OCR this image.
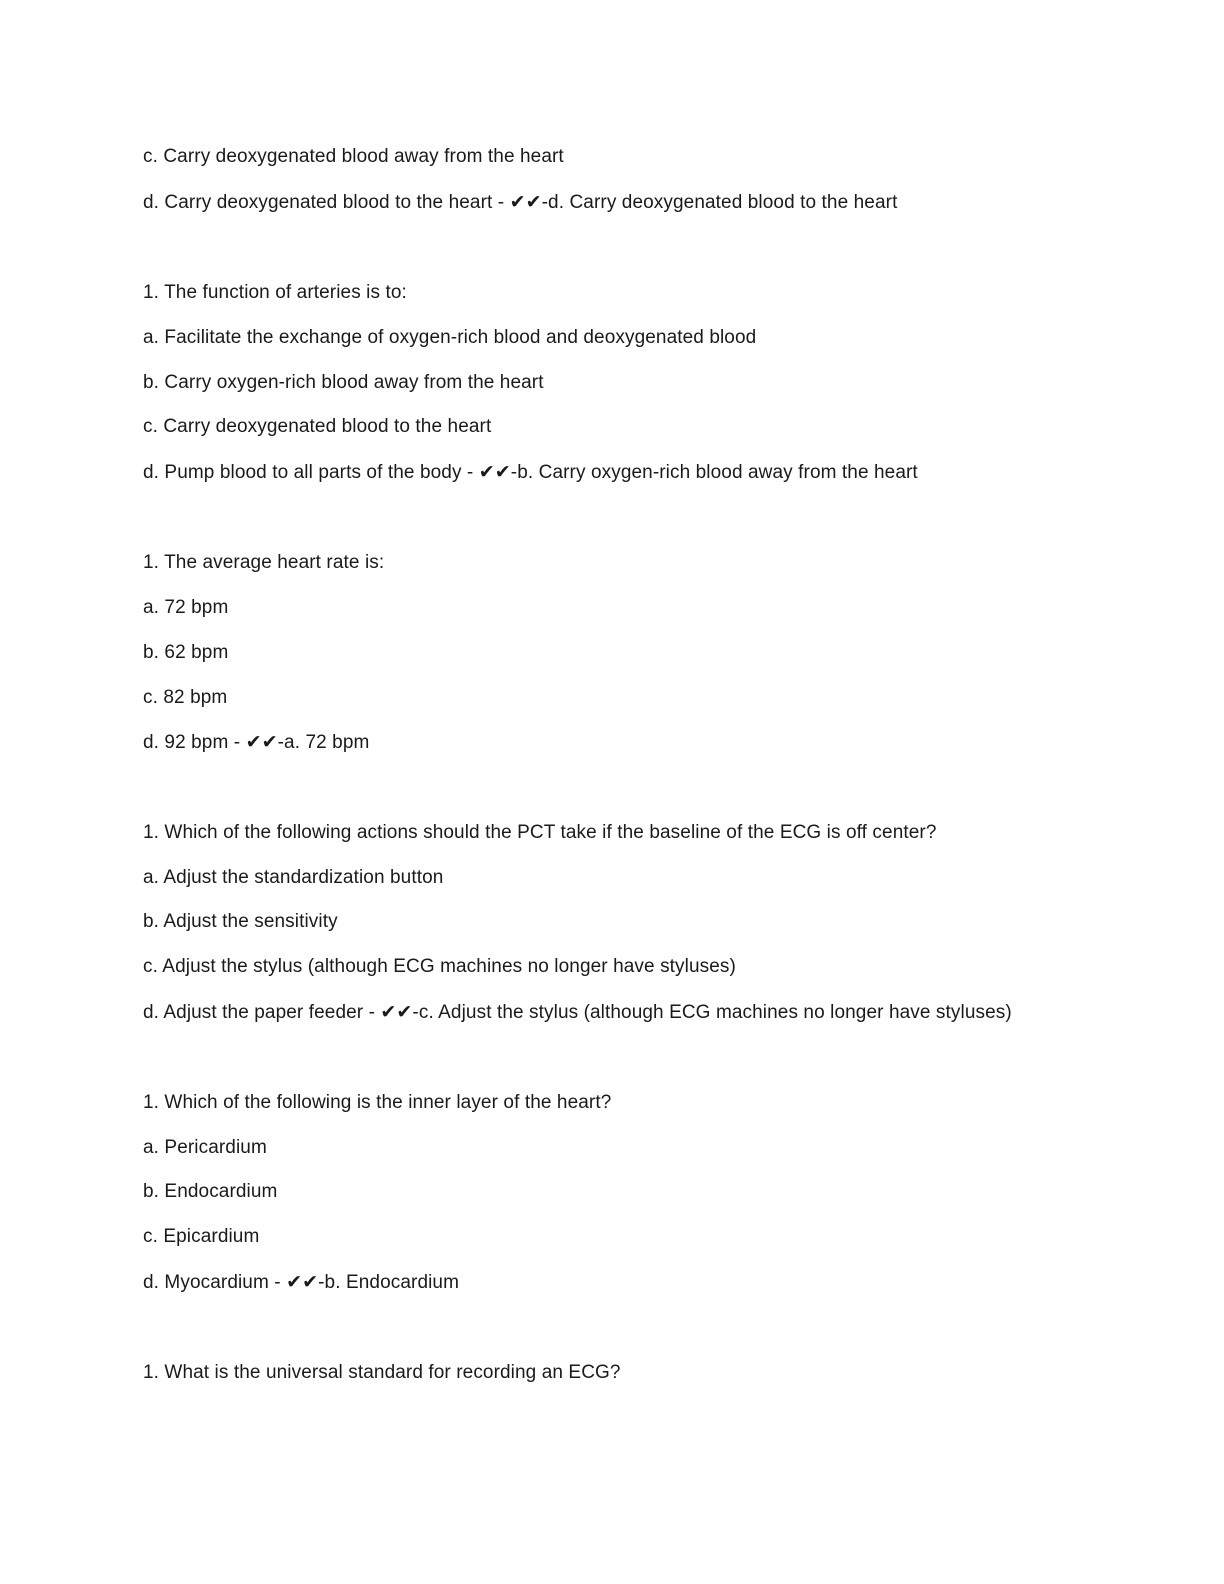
c. Carry deoxygenated blood away from the heart
d. Carry deoxygenated blood to the heart - ✔✔-d. Carry deoxygenated blood to the heart
1. The function of arteries is to:
a. Facilitate the exchange of oxygen-rich blood and deoxygenated blood
b. Carry oxygen-rich blood away from the heart
c. Carry deoxygenated blood to the heart
d. Pump blood to all parts of the body - ✔✔-b. Carry oxygen-rich blood away from the heart
1. The average heart rate is:
a. 72 bpm
b. 62 bpm
c. 82 bpm
d. 92 bpm - ✔✔-a. 72 bpm
1. Which of the following actions should the PCT take if the baseline of the ECG is off center?
a. Adjust the standardization button
b. Adjust the sensitivity
c. Adjust the stylus (although ECG machines no longer have styluses)
d. Adjust the paper feeder - ✔✔-c. Adjust the stylus (although ECG machines no longer have styluses)
1. Which of the following is the inner layer of the heart?
a. Pericardium
b. Endocardium
c. Epicardium
d. Myocardium - ✔✔-b. Endocardium
1. What is the universal standard for recording an ECG?
